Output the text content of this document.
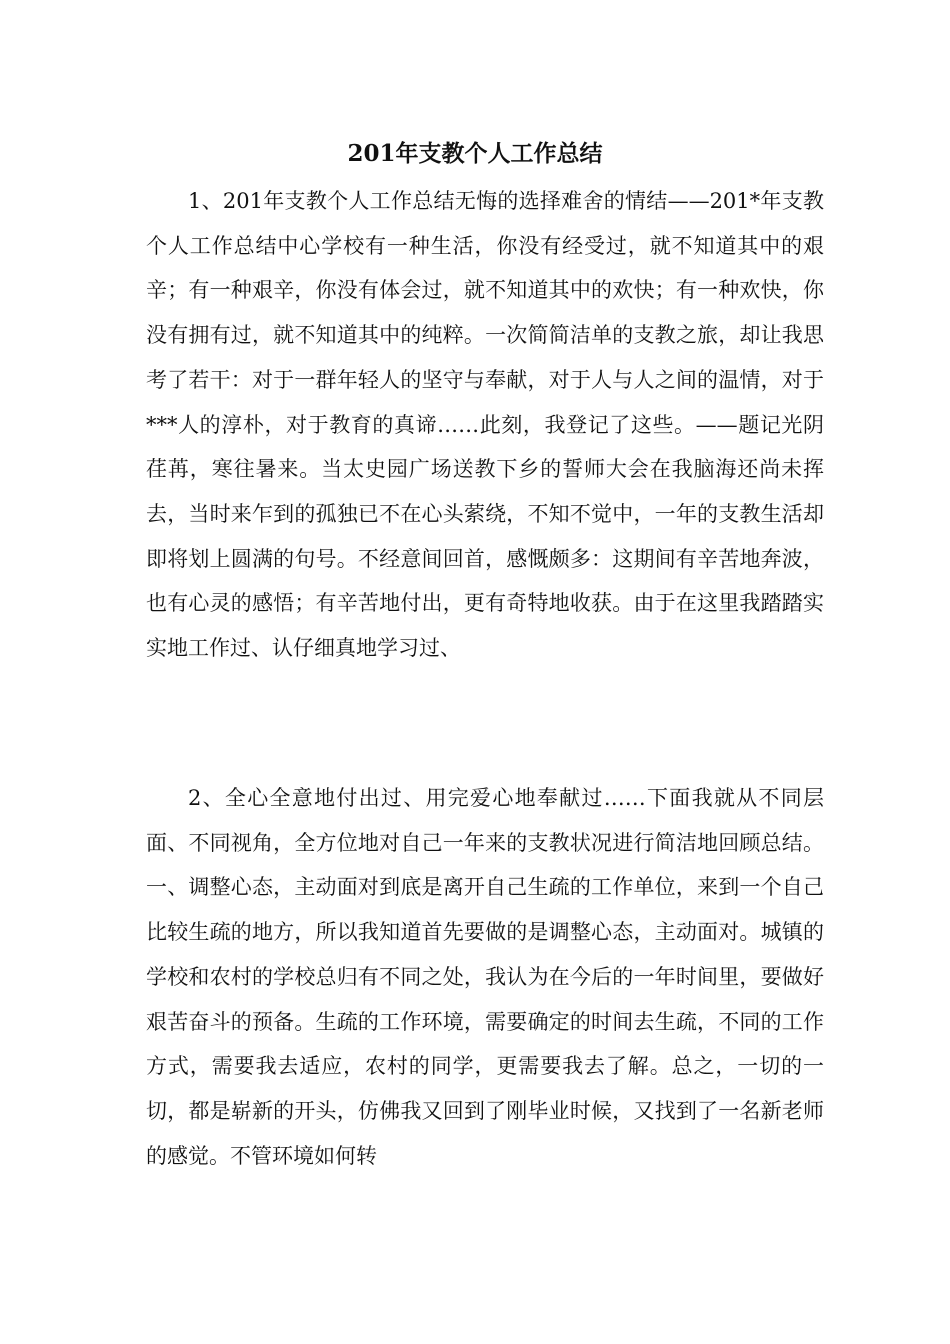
201年支教个人工作总结

1、201年支教个人工作总结无悔的选择难舍的情结——201*年支教个人工作总结中心学校有一种生活，你没有经受过，就不知道其中的艰辛；有一种艰辛，你没有体会过，就不知道其中的欢快；有一种欢快，你没有拥有过，就不知道其中的纯粹。一次简简洁单的支教之旅，却让我思考了若干：对于一群年轻人的坚守与奉献，对于人与人之间的温情，对于***人的淳朴，对于教育的真谛……此刻，我登记了这些。——题记光阴荏苒，寒往暑来。当太史园广场送教下乡的誓师大会在我脑海还尚未挥去，当时来乍到的孤独已不在心头萦绕，不知不觉中，一年的支教生活却即将划上圆满的句号。不经意间回首，感慨颇多：这期间有辛苦地奔波，也有心灵的感悟；有辛苦地付出，更有奇特地收获。由于在这里我踏踏实实地工作过、认仔细真地学习过、

2、全心全意地付出过、用完爱心地奉献过……下面我就从不同层面、不同视角，全方位地对自己一年来的支教状况进行简洁地回顾总结。一、调整心态，主动面对到底是离开自己生疏的工作单位，来到一个自己比较生疏的地方，所以我知道首先要做的是调整心态，主动面对。城镇的学校和农村的学校总归有不同之处，我认为在今后的一年时间里，要做好艰苦奋斗的预备。生疏的工作环境，需要确定的时间去生疏，不同的工作方式，需要我去适应，农村的同学，更需要我去了解。总之，一切的一切，都是崭新的开头，仿佛我又回到了刚毕业时候，又找到了一名新老师的感觉。不管环境如何转
